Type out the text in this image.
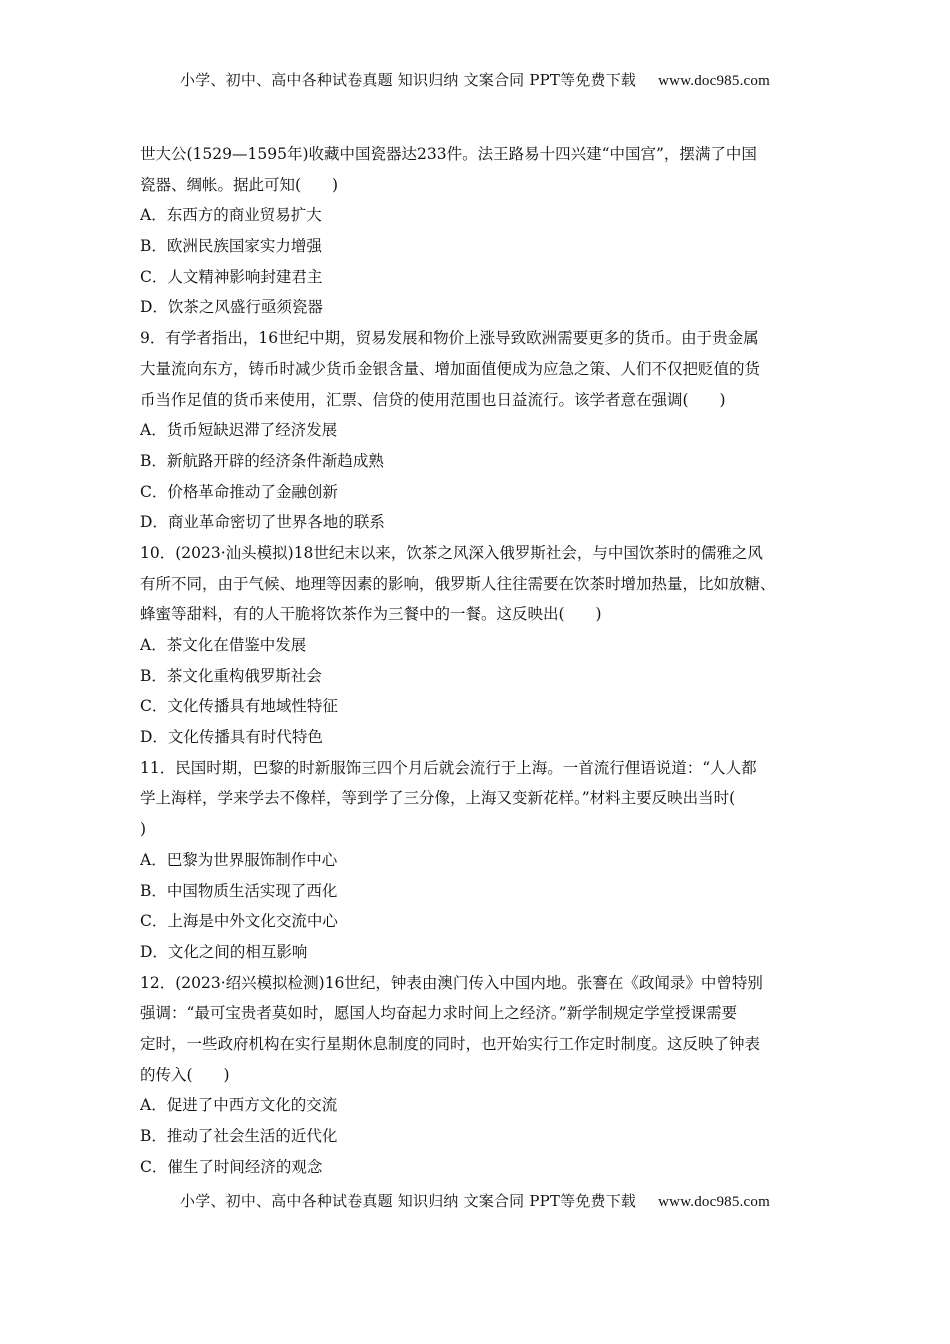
小学、初中、高中各种试卷真题 知识归纳 文案合同 PPT等免费下载 www.doc985.com
世大公(1529—1595年)收藏中国瓷器达233件。法王路易十四兴建“中国宫”，摆满了中国
瓷器、绸帐。据此可知(　　)
A．东西方的商业贸易扩大
B．欧洲民族国家实力增强
C．人文精神影响封建君主
D．饮茶之风盛行亟须瓷器
9．有学者指出，16世纪中期，贸易发展和物价上涨导致欧洲需要更多的货币。由于贵金属
大量流向东方，铸币时减少货币金银含量、增加面值便成为应急之策、人们不仅把贬值的货
币当作足值的货币来使用，汇票、信贷的使用范围也日益流行。该学者意在强调(　　)
A．货币短缺迟滞了经济发展
B．新航路开辟的经济条件渐趋成熟
C．价格革命推动了金融创新
D．商业革命密切了世界各地的联系
10．(2023·汕头模拟)18世纪末以来，饮茶之风深入俄罗斯社会，与中国饮茶时的儒雅之风
有所不同，由于气候、地理等因素的影响，俄罗斯人往往需要在饮茶时增加热量，比如放糖、
蜂蜜等甜料，有的人干脆将饮茶作为三餐中的一餐。这反映出(　　)
A．茶文化在借鉴中发展
B．茶文化重构俄罗斯社会
C．文化传播具有地域性特征
D．文化传播具有时代特色
11．民国时期，巴黎的时新服饰三四个月后就会流行于上海。一首流行俚语说道：“人人都
学上海样，学来学去不像样，等到学了三分像，上海又变新花样。”材料主要反映出当时(
)
A．巴黎为世界服饰制作中心
B．中国物质生活实现了西化
C．上海是中外文化交流中心
D．文化之间的相互影响
12．(2023·绍兴模拟检测)16世纪，钟表由澳门传入中国内地。张謇在《政闻录》中曾特别
强调：“最可宝贵者莫如时，愿国人均奋起力求时间上之经济。”新学制规定学堂授课需要
定时，一些政府机构在实行星期休息制度的同时，也开始实行工作定时制度。这反映了钟表
的传入(　　)
A．促进了中西方文化的交流
B．推动了社会生活的近代化
C．催生了时间经济的观念
小学、初中、高中各种试卷真题 知识归纳 文案合同 PPT等免费下载 www.doc985.com
